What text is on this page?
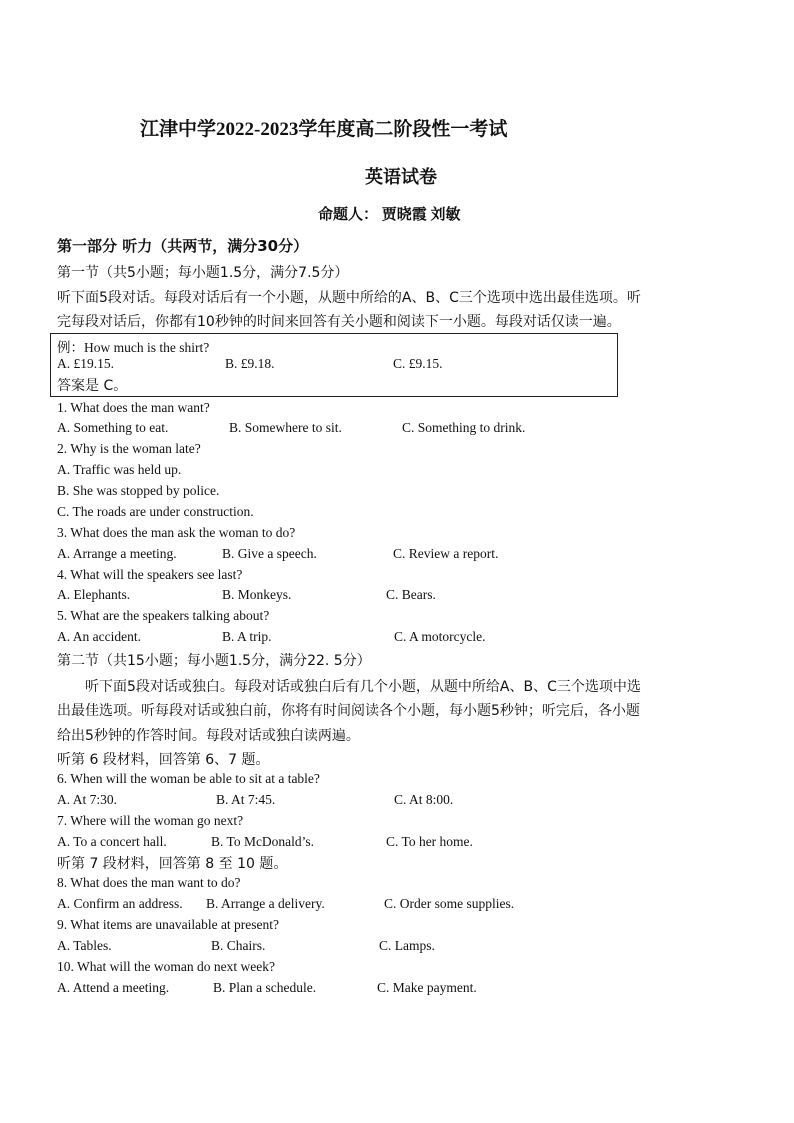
江津中学2022-2023学年度高二阶段性一考试
英语试卷
命题人： 贾晓霞 刘敏
第一部分 听力（共两节，满分30分）
第一节（共5小题；每小题1.5分，满分7.5分）
听下面5段对话。每段对话后有一个小题，从题中所给的A、B、C三个选项中选出最佳选项。听
完每段对话后，你都有10秒钟的时间来回答有关小题和阅读下一小题。每段对话仅读一遍。
例：How much is the shirt?
A. £19.15.	B. £9.18.	C. £9.15.
答案是 C。
1. What does the man want?
A. Something to eat.	B. Somewhere to sit.	C. Something to drink.
2. Why is the woman late?
A. Traffic was held up.
B. She was stopped by police.
C. The roads are under construction.
3. What does the man ask the woman to do?
A. Arrange a meeting.	B. Give a speech.	C. Review a report.
4. What will the speakers see last?
A. Elephants.	B. Monkeys.	C. Bears.
5. What are the speakers talking about?
A. An accident.	B. A trip.	C. A motorcycle.
第二节（共15小题；每小题1.5分，满分22. 5分）
听下面5段对话或独白。每段对话或独白后有几个小题，从题中所给A、B、C三个选项中选
出最佳选项。听每段对话或独白前，你将有时间阅读各个小题，每小题5秒钟；听完后，各小题
给出5秒钟的作答时间。每段对话或独白读两遍。
听第 6 段材料，回答第 6、7 题。
6. When will the woman be able to sit at a table?
A. At 7:30.	B. At 7:45.	C. At 8:00.
7. Where will the woman go next?
A. To a concert hall.	B. To McDonald’s.	C. To her home.
听第 7 段材料，回答第 8 至 10 题。
8. What does the man want to do?
A. Confirm an address. B. Arrange a delivery.	C. Order some supplies.
9. What items are unavailable at present?
A. Tables.	B. Chairs.	C. Lamps.
10. What will the woman do next week?
A. Attend a meeting.	B. Plan a schedule.	C. Make payment.
